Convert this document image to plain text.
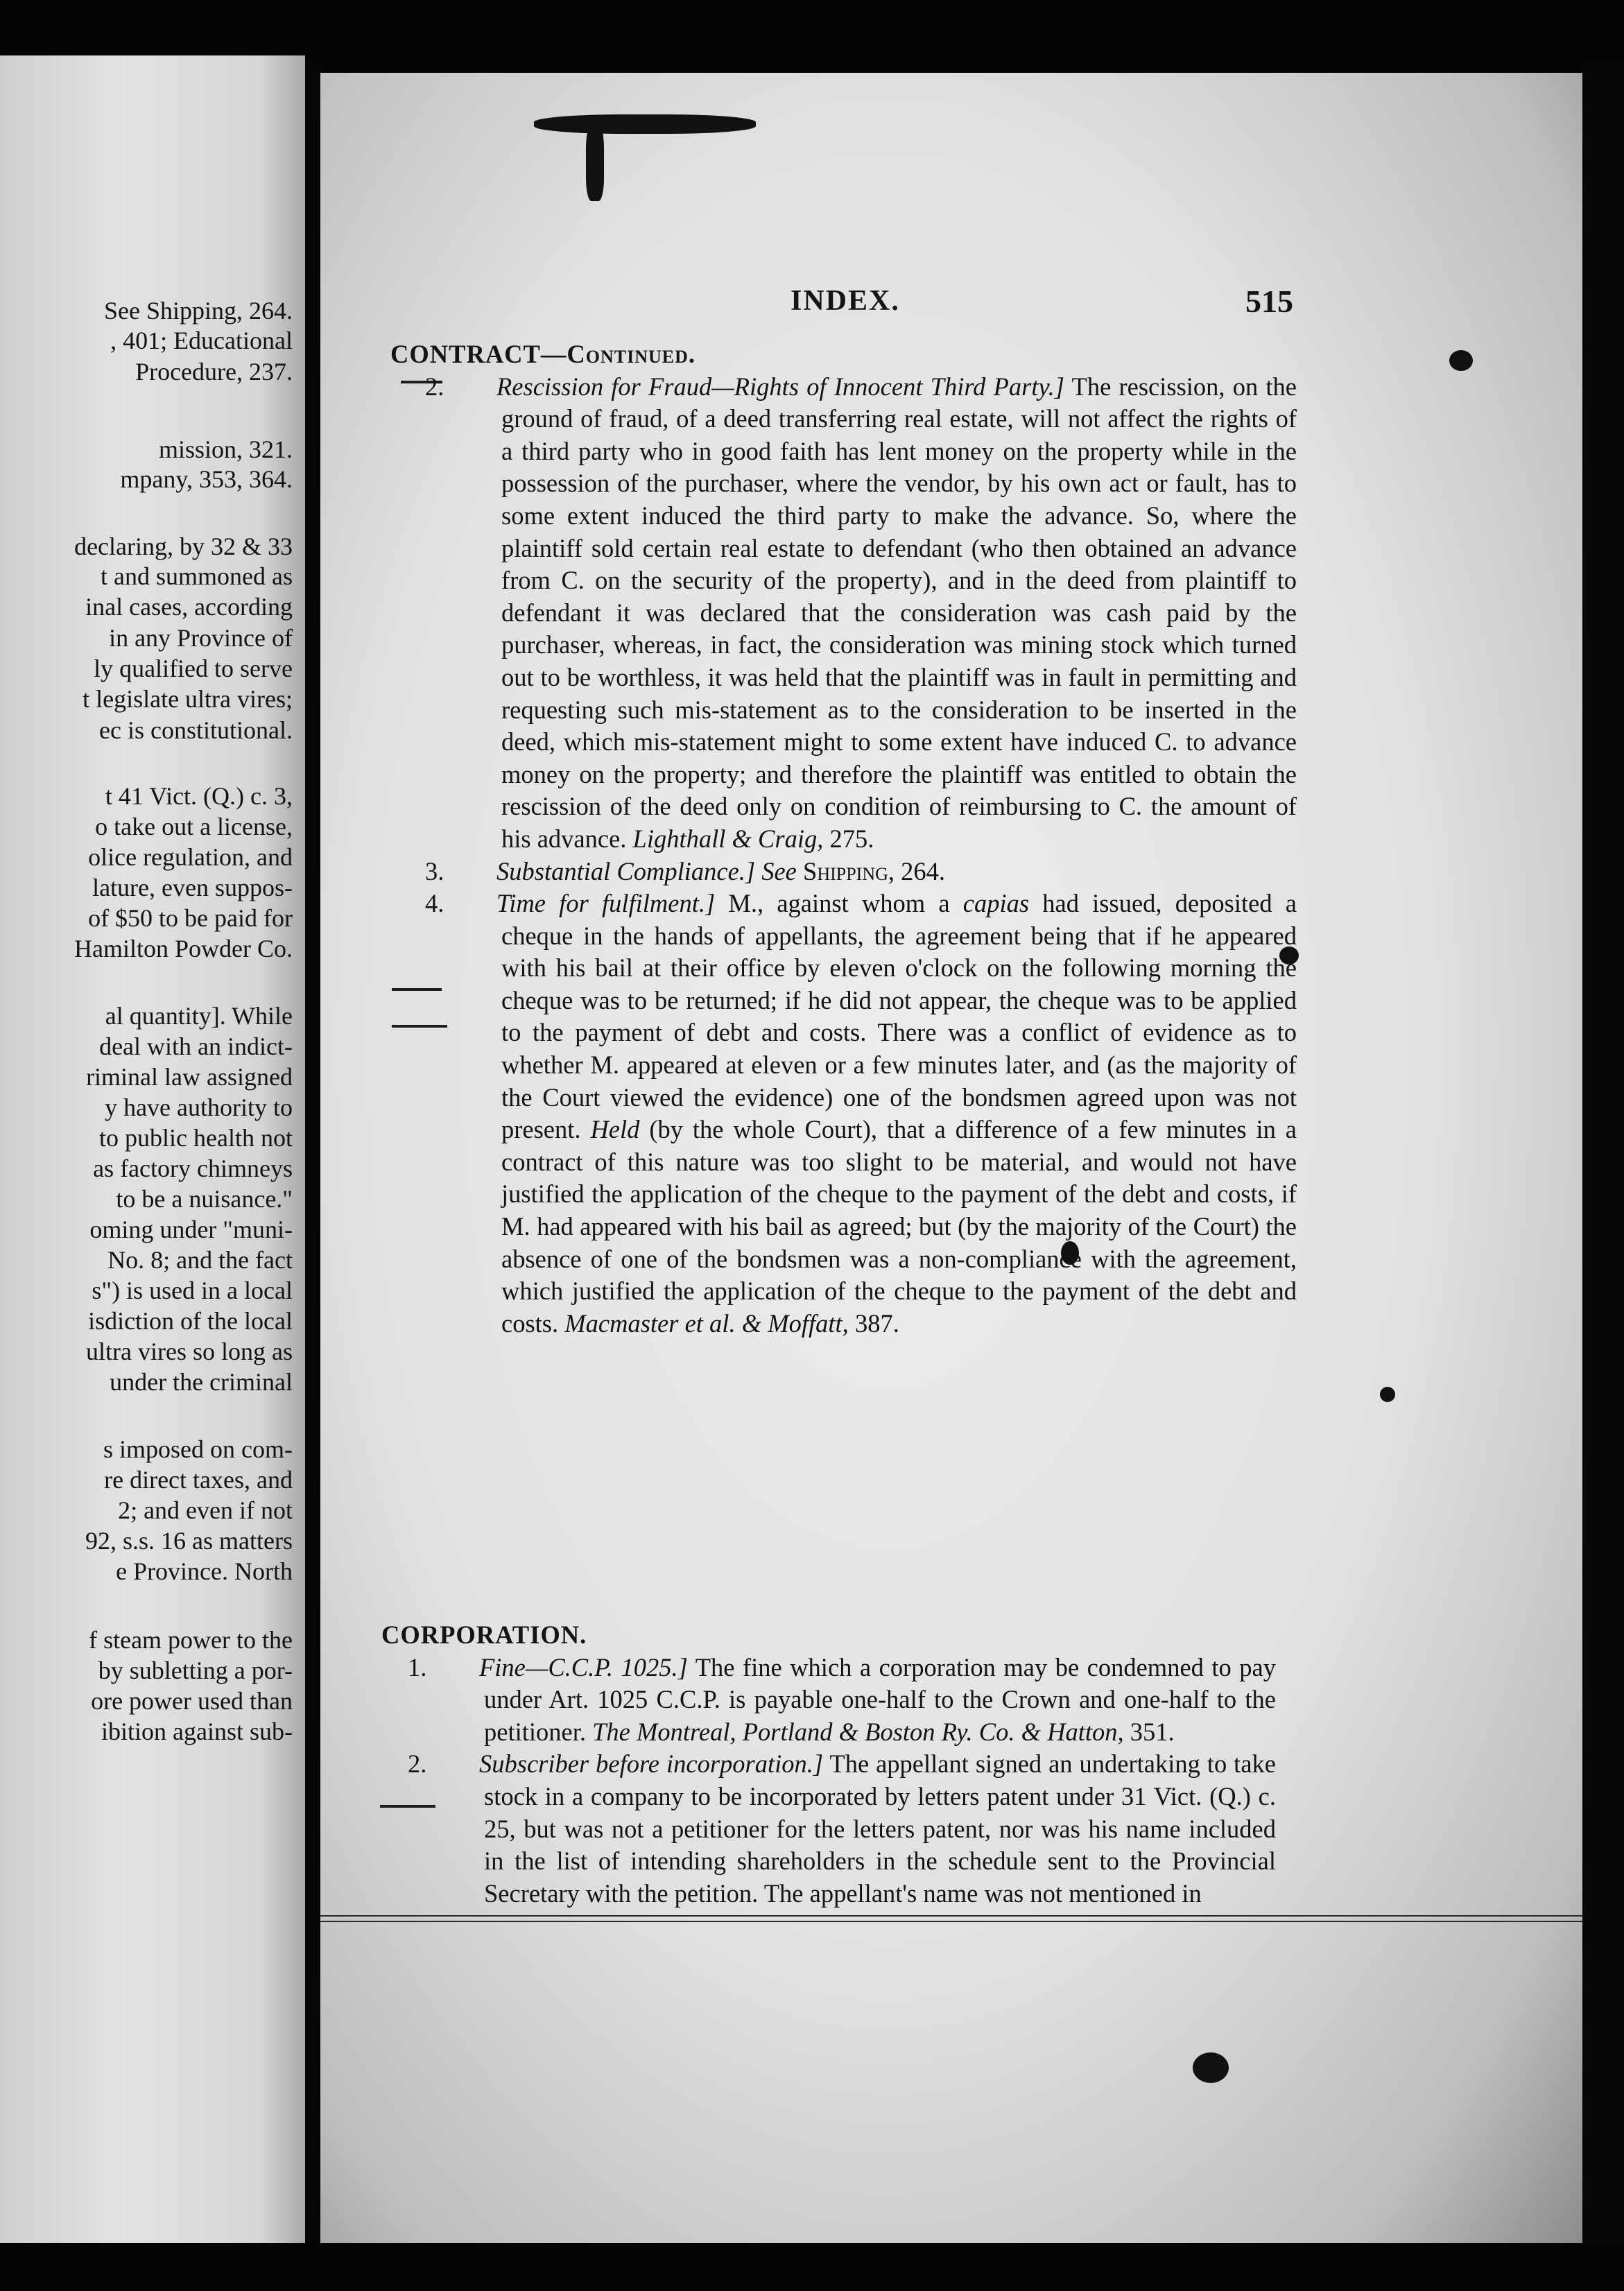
See Shipping, 264.
, 401; Educational
Procedure, 237.
mission, 321.
mpany, 353, 364.
declaring, by 32 & 33
t and summoned as
inal cases, according
in any Province of
ly qualified to serve
t legislate ultra vires;
ec is constitutional.
t 41 Vict. (Q.) c. 3,
o take out a license,
olice regulation, and
lature, even suppos-
of $50 to be paid for
Hamilton Powder Co.
al quantity]. While
deal with an indict-
riminal law assigned
y have authority to
to public health not
as factory chimneys
to be a nuisance."
oming under "muni-
No. 8; and the fact
s") is used in a local
isdiction of the local
ultra vires so long as
under the criminal
s imposed on com-
re direct taxes, and
2; and even if not
92, s.s. 16 as matters
e Province. North
f steam power to the
by subletting a por-
ore power used than
ibition against sub-
INDEX.	515

CONTRACT—Continued.

2. Rescission for Fraud—Rights of Innocent Third Party.] The rescission, on the ground of fraud, of a deed transferring real estate, will not affect the rights of a third party who in good faith has lent money on the property while in the possession of the purchaser, where the vendor, by his own act or fault, has to some extent induced the third party to make the advance. So, where the plaintiff sold certain real estate to defendant (who then obtained an advance from C. on the security of the property), and in the deed from plaintiff to defendant it was declared that the consideration was cash paid by the purchaser, whereas, in fact, the consideration was mining stock which turned out to be worthless, it was held that the plaintiff was in fault in permitting and requesting such mis-statement as to the consideration to be inserted in the deed, which mis-statement might to some extent have induced C. to advance money on the property; and therefore the plaintiff was entitled to obtain the rescission of the deed only on condition of reimbursing to C. the amount of his advance. Lighthall & Craig, 275.

3. Substantial Compliance.] See Shipping, 264.

4. Time for fulfilment.] M., against whom a capias had issued, deposited a cheque in the hands of appellants, the agreement being that if he appeared with his bail at their office by eleven o'clock on the following morning the cheque was to be returned; if he did not appear, the cheque was to be applied to the payment of debt and costs. There was a conflict of evidence as to whether M. appeared at eleven or a few minutes later, and (as the majority of the Court viewed the evidence) one of the bondsmen agreed upon was not present. Held (by the whole Court), that a difference of a few minutes in a contract of this nature was too slight to be material, and would not have justified the application of the cheque to the payment of the debt and costs, if M. had appeared with his bail as agreed; but (by the majority of the Court) the absence of one of the bondsmen was a non-compliance with the agreement, which justified the application of the cheque to the payment of the debt and costs. Macmaster et al. & Moffatt, 387.

CORPORATION.

1. Fine—C.C.P. 1025.] The fine which a corporation may be condemned to pay under Art. 1025 C.C.P. is payable one-half to the Crown and one-half to the petitioner. The Montreal, Portland & Boston Ry. Co. & Hatton, 351.

2. Subscriber before incorporation.] The appellant signed an undertaking to take stock in a company to be incorporated by letters patent under 31 Vict. (Q.) c. 25, but was not a petitioner for the letters patent, nor was his name included in the list of intending shareholders in the schedule sent to the Provincial Secretary with the petition. The appellant's name was not mentioned in
